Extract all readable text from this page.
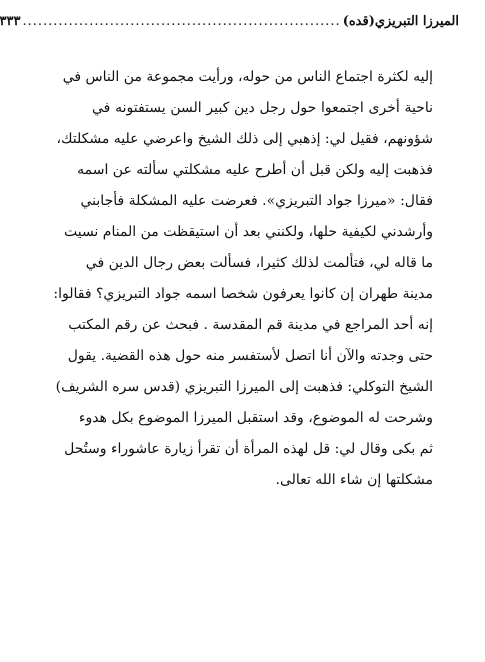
الميرزا التبريزي(قده)
..............................................................
٣٣٣
إليه لكثرة اجتماع الناس من حوله، ورأيت مجموعة من الناس في
ناحية أخرى اجتمعوا حول رجل دين كبير السن يستفتونه في
شؤونهم، فقيل لي: إذهبي إلى ذلك الشيخ واعرضي عليه مشكلتك،
فذهبت إليه ولكن قبل أن أطرح عليه مشكلتي سألته عن اسمه
فقال: «ميرزا جواد التبريزي». فعرضت عليه المشكلة فأجابني
وأرشدني لكيفية حلها، ولكنني بعد أن استيقظت من المنام نسيت
ما قاله لي، فتألمت لذلك كثيرا، فسألت بعض رجال الدين في
مدينة طهران إن كانوا يعرفون شخصا اسمه جواد التبريزي؟ فقالوا:
إنه أحد المراجع في مدينة قم المقدسة . فبحث عن رقم المكتب
حتى وجدته والآن أنا اتصل لأستفسر منه حول هذه القضية. يقول
الشيخ التوكلي: فذهبت إلى الميرزا التبريزي (قدس سره الشريف)
وشرحت له الموضوع، وقد استقبل الميرزا الموضوع بكل هدوء
ثم بكى وقال لي: قل لهذه المرأة أن تقرأ زيارة عاشوراء وستُحل
مشكلتها إن شاء الله تعالى.
